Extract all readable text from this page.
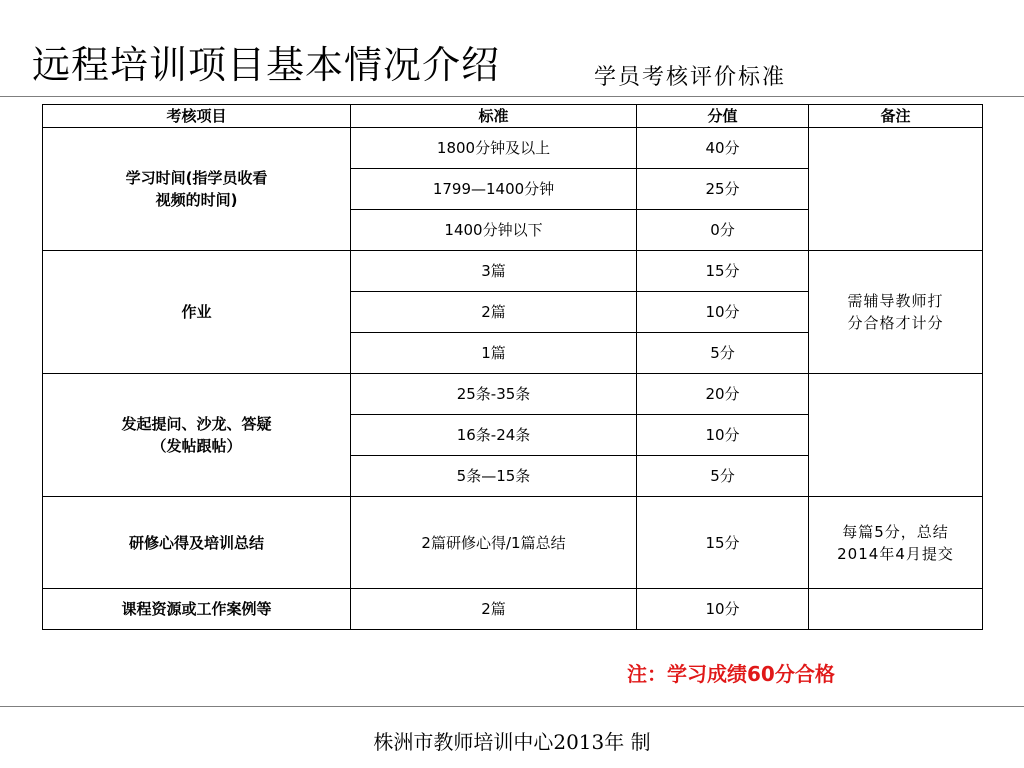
远程培训项目基本情况介绍	学员考核评价标准
考核项目	标准	分值	备注

学习时间(指学员收看
视频的时间)	1800分钟及以上	40分	
	1799—1400分钟	25分	
	1400分钟以下	0分	

作业	3篇	15分	需辅导教师打
分合格才计分

	2篇	10分	
	1篇	5分	

发起提问、沙龙、答疑
（发帖跟帖）	25条-35条	20分	
	16条-24条	10分	
	5条—15条	5分	

研修心得及培训总结	2篇研修心得/1篇总结	15分	每篇5分，总结
2014年4月提交

课程资源或工作案例等	2篇	10分	
注：学习成绩60分合格
株洲市教师培训中心2013年 制
